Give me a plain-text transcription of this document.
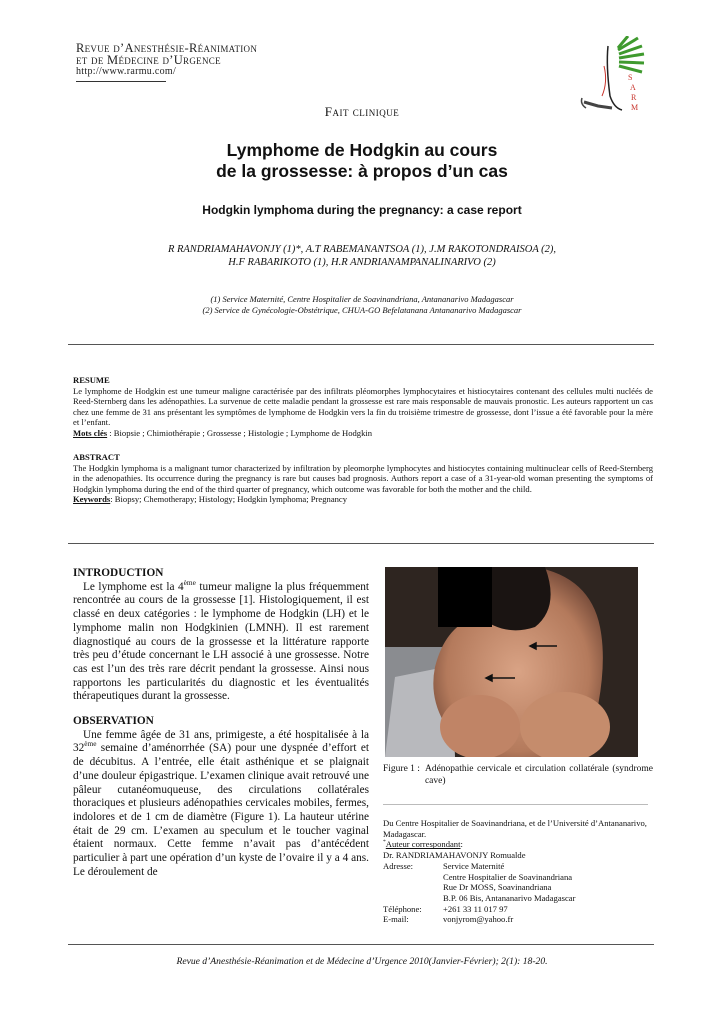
Revue d’Anesthésie-Réanimation
et de Médecine d’Urgence
http://www.rarmu.com/
S
A
R
M
Fait clinique
Lymphome de Hodgkin au cours
de la grossesse: à propos d’un cas
Hodgkin lymphoma during the pregnancy: a case report
R RANDRIAMAHAVONJY (1)*, A.T RABEMANANTSOA (1), J.M RAKOTONDRAISOA (2),
H.F RABARIKOTO (1), H.R ANDRIANAMPANALINARIVO (2)
(1) Service Maternité, Centre Hospitalier de Soavinandriana, Antananarivo Madagascar
(2) Service de Gynécologie-Obstétrique, CHUA-GO Befelatanana Antananarivo Madagascar
RESUME

Le lymphome de Hodgkin est une tumeur maligne caractérisée par des infiltrats pléomorphes lymphocytaires et histiocytaires contenant des cellules multi nucléés de Reed-Sternberg dans les adénopathies. La survenue de cette maladie pendant la grossesse est rare mais responsable de mauvais pronostic. Les auteurs rapportent un cas chez une femme de 31 ans présentant les symptômes de lymphome de Hodgkin vers la fin du troisième trimestre de grossesse, dont l’issue a été favorable pour la mère et l’enfant.

Mots clés : Biopsie ; Chimiothérapie ; Grossesse ; Histologie ; Lymphome de Hodgkin

ABSTRACT

The Hodgkin lymphoma is a malignant tumor characterized by infiltration by pleomorphe lymphocytes and histiocytes containing multinuclear cells of Reed-Sternberg in the adenopathies. Its occurrence during the pregnancy is rare but causes bad prognosis. Authors report a case of a 31-year-old woman presenting the symptoms of Hodgkin lymphoma during the end of the third quarter of pregnancy, which outcome was favorable for both the mother and the child.

Keywords: Biopsy; Chemotherapy; Histology; Hodgkin lymphoma; Pregnancy

INTRODUCTION

Le lymphome est la 4ème tumeur maligne la plus fréquemment rencontrée au cours de la grossesse [1]. Histologiquement, il est classé en deux catégories : le lymphome de Hodgkin (LH) et le lymphome malin non Hodgkinien (LMNH). Il est rarement diagnostiqué au cours de la grossesse et la littérature rapporte très peu d’étude concernant le LH associé à une grossesse. Notre cas est l’un des très rare décrit pendant la grossesse. Ainsi nous rapportons les particularités du diagnostic et les éventualités thérapeutiques durant la grossesse.

OBSERVATION

Une femme âgée de 31 ans, primigeste, a été hospitalisée à la 32ème semaine d’aménorrhée (SA) pour une dyspnée d’effort et de décubitus. A l’entrée, elle était asthénique et se plaignait d’une douleur épigastrique. L’examen clinique avait retrouvé une pâleur cutanéomuqueuse, des circulations collatérales thoraciques et plusieurs adénopathies cervicales mobiles, fermes, indolores et de 1 cm de diamètre (Figure 1). La hauteur utérine était de 29 cm. L’examen au speculum et le toucher vaginal étaient normaux. Cette femme n’avait pas d’antécédent particulier à part une opération d’un kyste de l’ovaire il y a 4 ans. Le déroulement de

Figure 1 : Adénopathie cervicale et circulation collatérale (syndrome cave)
Du Centre Hospitalier de Soavinandriana, et de l’Université d’Antananarivo, Madagascar.
*Auteur correspondant:
Dr. RANDRIAMAHAVONJY Romualde
Adresse:	Service Maternité
Centre Hospitalier de Soavinandriana
Rue Dr MOSS, Soavinandriana
B.P. 06 Bis, Antananarivo Madagascar
Téléphone:	+261 33 11 017 97
E-mail:	vonjyrom@yahoo.fr
Revue d’Anesthésie-Réanimation et de Médecine d’Urgence 2010(Janvier-Février); 2(1): 18-20.
